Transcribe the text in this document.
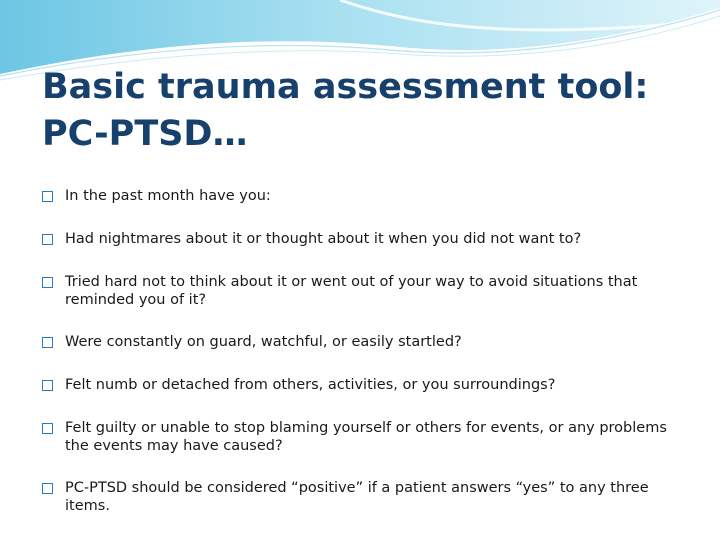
Basic trauma assessment tool:
PC-PTSD…
In the past month have you:
Had nightmares about it or thought about it when you did not want to?
Tried hard not to think about it or went out of your way to avoid situations that reminded you of it?
Were constantly on guard, watchful, or easily startled?
Felt numb or detached from others, activities, or you surroundings?
Felt guilty or unable to stop blaming yourself or others for events, or any problems the events may have caused?
PC-PTSD should be considered “positive” if a patient answers “yes” to any three items.
